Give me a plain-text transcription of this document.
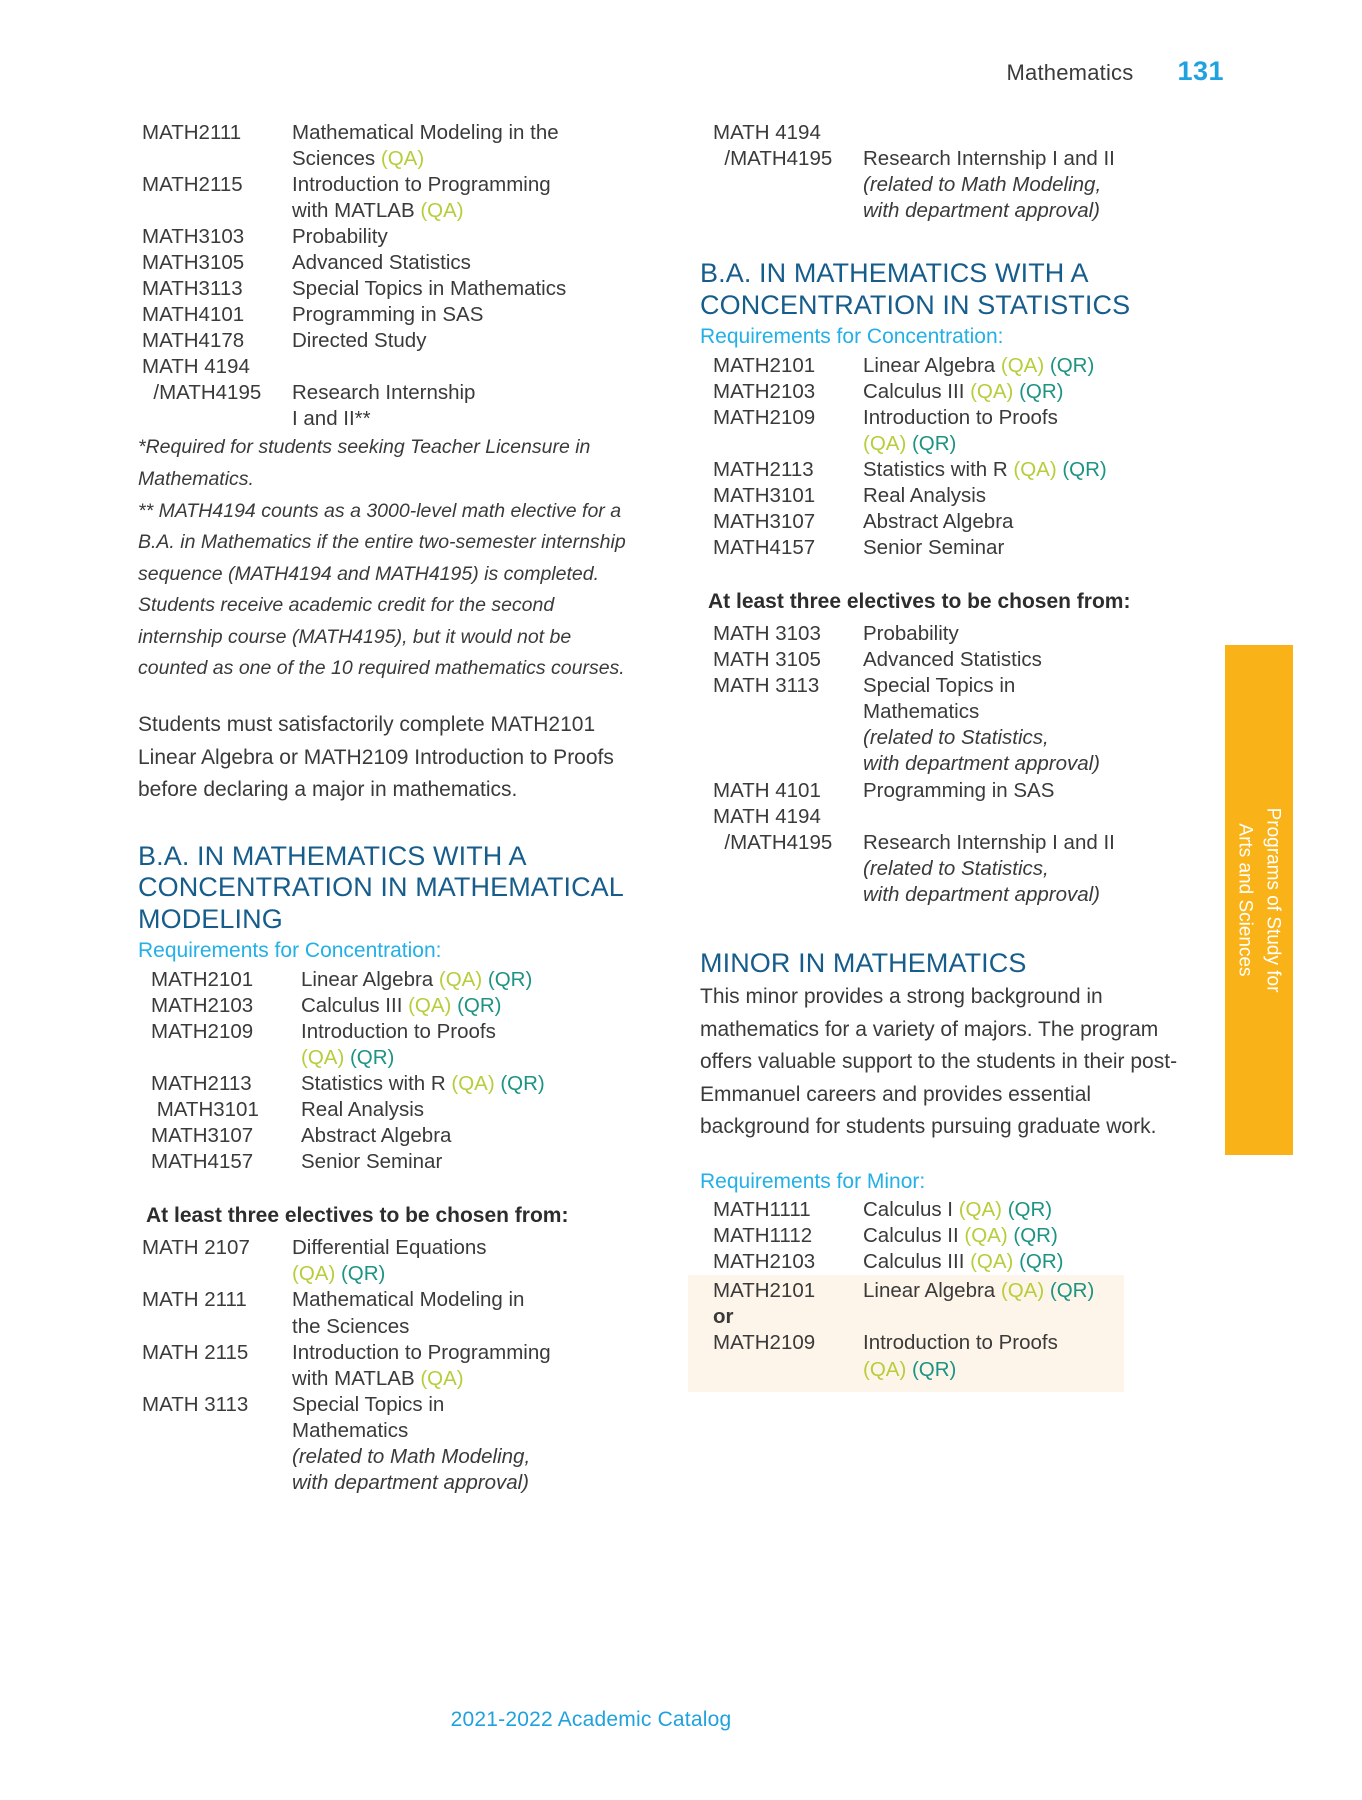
Mathematics 131
Programs of Study for
Arts and Sciences
MATH2111	Mathematical Modeling in the
Sciences (QA)
MATH2115	Introduction to Programming
with MATLAB (QA)
MATH3103	Probability
MATH3105	Advanced Statistics
MATH3113	Special Topics in Mathematics
MATH4101	Programming in SAS
MATH4178	Directed Study
MATH 4194
/MATH4195	Research Internship
I and II**
*Required for students seeking Teacher Licensure in Mathematics.
** MATH4194 counts as a 3000-level math elective for a B.A. in Mathematics if the entire two-semester internship sequence (MATH4194 and MATH4195) is completed. Students receive academic credit for the second internship course (MATH4195), but it would not be counted as one of the 10 required mathematics courses.
Students must satisfactorily complete MATH2101 Linear Algebra or MATH2109 Introduction to Proofs before declaring a major in mathematics.
B.A. IN MATHEMATICS WITH A CONCENTRATION IN MATHEMATICAL MODELING
Requirements for Concentration:
MATH2101	Linear Algebra (QA) (QR)
MATH2103	Calculus III (QA) (QR)
MATH2109	Introduction to Proofs
(QA) (QR)
MATH2113	Statistics with R (QA) (QR)
MATH3101	Real Analysis
MATH3107	Abstract Algebra
MATH4157	Senior Seminar
At least three electives to be chosen from:
MATH 2107	Differential Equations
(QA) (QR)
MATH 2111	Mathematical Modeling in
the Sciences
MATH 2115	Introduction to Programming
with MATLAB (QA)
MATH 3113	Special Topics in
Mathematics
(related to Math Modeling,
with department approval)
MATH 4194
/MATH4195	Research Internship I and II
(related to Math Modeling,
with department approval)
B.A. IN MATHEMATICS WITH A CONCENTRATION IN STATISTICS
Requirements for Concentration:
MATH2101	Linear Algebra (QA) (QR)
MATH2103	Calculus III (QA) (QR)
MATH2109	Introduction to Proofs
(QA) (QR)
MATH2113	Statistics with R (QA) (QR)
MATH3101	Real Analysis
MATH3107	Abstract Algebra
MATH4157	Senior Seminar
At least three electives to be chosen from:
MATH 3103	Probability
MATH 3105	Advanced Statistics
MATH 3113	Special Topics in
Mathematics
(related to Statistics,
with department approval)
MATH 4101	Programming in SAS
MATH 4194
/MATH4195	Research Internship I and II
(related to Statistics,
with department approval)
MINOR IN MATHEMATICS
This minor provides a strong background in mathematics for a variety of majors. The program offers valuable support to the students in their post-Emmanuel careers and provides essential background for students pursuing graduate work.
Requirements for Minor:
MATH1111	Calculus I (QA) (QR)
MATH1112	Calculus II (QA) (QR)
MATH2103	Calculus III (QA) (QR)
MATH2101	Linear Algebra (QA) (QR)
or
MATH2109	Introduction to Proofs
(QA) (QR)
2021-2022 Academic Catalog
